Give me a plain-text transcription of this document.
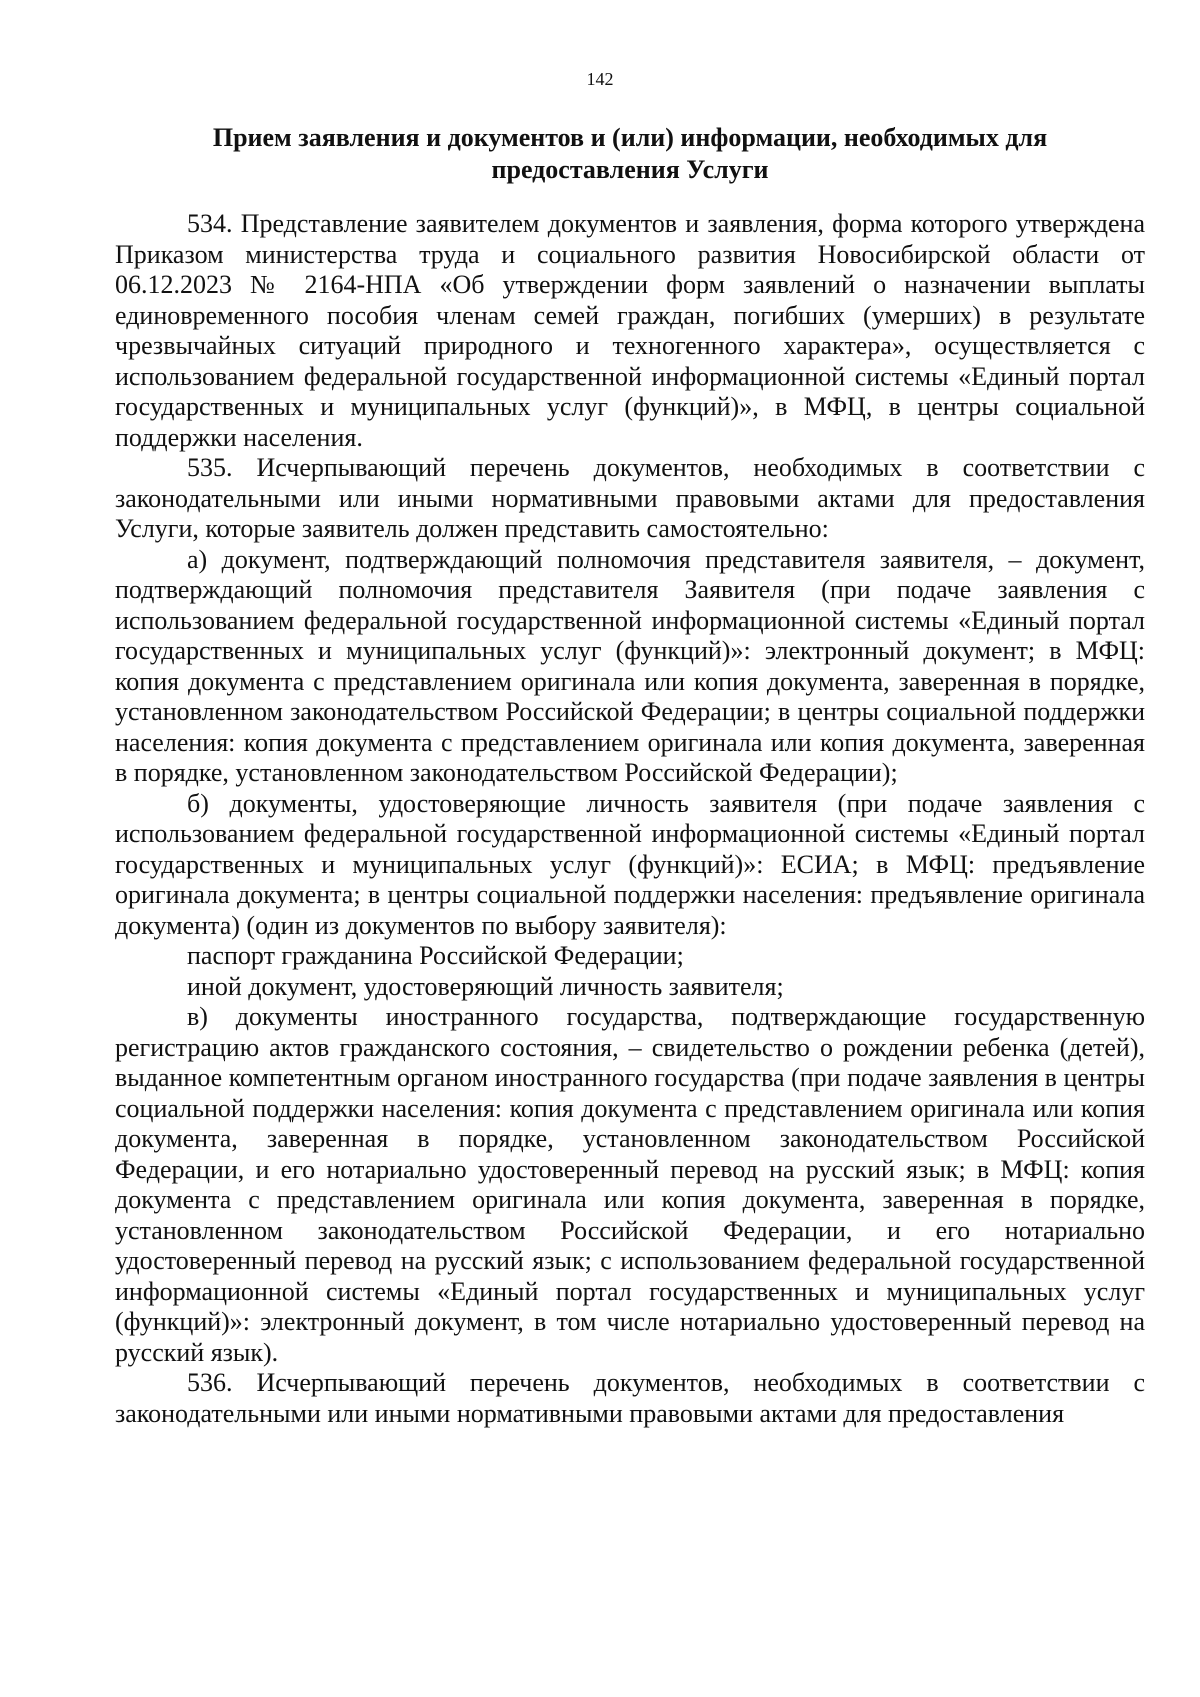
142
Прием заявления и документов и (или) информации, необходимых для
предоставления Услуги

534. Представление заявителем документов и заявления, форма которого утверждена Приказом министерства труда и социального развития Новосибирской области от 06.12.2023 № 2164-НПА «Об утверждении форм заявлений о назначении выплаты единовременного пособия членам семей граждан, погибших (умерших) в результате чрезвычайных ситуаций природного и техногенного характера», осуществляется с использованием федеральной государственной информационной системы «Единый портал государственных и муниципальных услуг (функций)», в МФЦ, в центры социальной поддержки населения.

535. Исчерпывающий перечень документов, необходимых в соответствии с законодательными или иными нормативными правовыми актами для предоставления Услуги, которые заявитель должен представить самостоятельно:

а) документ, подтверждающий полномочия представителя заявителя, – документ, подтверждающий полномочия представителя Заявителя (при подаче заявления с использованием федеральной государственной информационной системы «Единый портал государственных и муниципальных услуг (функций)»: электронный документ; в МФЦ: копия документа с представлением оригинала или копия документа, заверенная в порядке, установленном законодательством Российской Федерации; в центры социальной поддержки населения: копия документа с представлением оригинала или копия документа, заверенная в порядке, установленном законодательством Российской Федерации);

б) документы, удостоверяющие личность заявителя (при подаче заявления с использованием федеральной государственной информационной системы «Единый портал государственных и муниципальных услуг (функций)»: ЕСИА; в МФЦ: предъявление оригинала документа; в центры социальной поддержки населения: предъявление оригинала документа) (один из документов по выбору заявителя):

паспорт гражданина Российской Федерации;

иной документ, удостоверяющий личность заявителя;

в) документы иностранного государства, подтверждающие государственную регистрацию актов гражданского состояния, – свидетельство о рождении ребенка (детей), выданное компетентным органом иностранного государства (при подаче заявления в центры социальной поддержки населения: копия документа с представлением оригинала или копия документа, заверенная в порядке, установленном законодательством Российской Федерации, и его нотариально удостоверенный перевод на русский язык; в МФЦ: копия документа с представлением оригинала или копия документа, заверенная в порядке, установленном законодательством Российской Федерации, и его нотариально удостоверенный перевод на русский язык; с использованием федеральной государственной информационной системы «Единый портал государственных и муниципальных услуг (функций)»: электронный документ, в том числе нотариально удостоверенный перевод на русский язык).

536. Исчерпывающий перечень документов, необходимых в соответствии с законодательными или иными нормативными правовыми актами для предоставления
